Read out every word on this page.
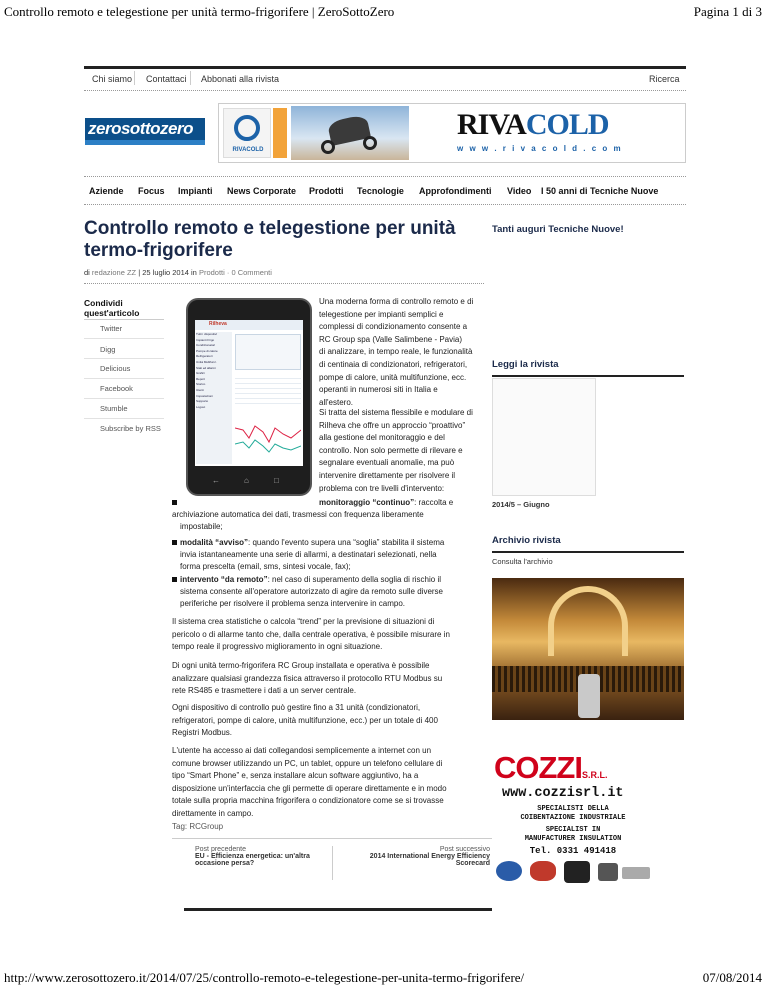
Controllo remoto e telegestione per unità termo-frigorifere | ZeroSottoZero	Pagina 1 di 3
Chi siamo Contattaci Abbonati alla rivista	Ricerca
zerosottozero
RIVACOLD
RIVACOLD
w w w . r i v a c o l d . c o m
Aziende Focus Impianti News Corporate Prodotti Tecnologie Approfondimenti Video I 50 anni di Tecniche Nuove
Controllo remoto e telegestione per unità
termo-frigorifere
di redazione ZZ | 25 luglio 2014 in Prodotti · 0 Commenti
Condividi
quest'articolo
Twitter
Digg
Delicious
Facebook
Stumble
Subscribe by RSS
Rilheva
Tutti i dispositivi
Impianti Frigo
Condizionatori
Pompe di calore
Refrigeratori
Unità Multifunz.
Stati ed allarmi
Grafici
Report
Storico
Utenti
Impostazioni
Supporto
Logout
←	⌂	□
Una moderna forma di controllo remoto e di
telegestione per impianti semplici e
complessi di condizionamento consente a
RC Group spa (Valle Salimbene - Pavia)
di analizzare, in tempo reale, le funzionalità
di centinaia di condizionatori, refrigeratori,
pompe di calore, unità multifunzione, ecc.
operanti in numerosi siti in Italia e
all'estero.
Si tratta del sistema flessibile e modulare di
Rilheva che offre un approccio “proattivo”
alla gestione del monitoraggio e del
controllo. Non solo permette di rilevare e
segnalare eventuali anomalie, ma può
intervenire direttamente per risolvere il
problema con tre livelli d'intervento:
monitoraggio “continuo”: raccolta e
archiviazione automatica dei dati, trasmessi con frequenza liberamente
impostabile;
modalità “avviso”: quando l'evento supera una “soglia” stabilita il sistema
invia istantaneamente una serie di allarmi, a destinatari selezionati, nella
forma prescelta (email, sms, sintesi vocale, fax);
intervento “da remoto”: nel caso di superamento della soglia di rischio il
sistema consente all'operatore autorizzato di agire da remoto sulle diverse
periferiche per risolvere il problema senza intervenire in campo.
Il sistema crea statistiche o calcola “trend” per la previsione di situazioni di
pericolo o di allarme tanto che, dalla centrale operativa, è possibile misurare in
tempo reale il progressivo miglioramento in ogni situazione.
Di ogni unità termo-frigorifera RC Group installata e operativa è possibile
analizzare qualsiasi grandezza fisica attraverso il protocollo RTU Modbus su
rete RS485 e trasmettere i dati a un server centrale.
Ogni dispositivo di controllo può gestire fino a 31 unità (condizionatori,
refrigeratori, pompe di calore, unità multifunzione, ecc.) per un totale di 400
Registri Modbus.
L'utente ha accesso ai dati collegandosi semplicemente a internet con un
comune browser utilizzando un PC, un tablet, oppure un telefono cellulare di
tipo “Smart Phone” e, senza installare alcun software aggiuntivo, ha a
disposizione un'interfaccia che gli permette di operare direttamente e in modo
totale sulla propria macchina frigorifera o condizionatore come se si trovasse
direttamente in campo.
Tag: RCGroup
Post precedente
EU - Efficienza energetica: un'altra
occasione persa?
Post successivo
2014 International Energy Efficiency
Scorecard
Tanti auguri Tecniche Nuove!
Leggi la rivista
2014/5 – Giugno
Archivio rivista
Consulta l'archivio
COZZIS.R.L.
www.cozzisrl.it
SPECIALISTI DELLA
COIBENTAZIONE INDUSTRIALE
SPECIALIST IN
MANUFACTURER INSULATION
Tel. 0331 491418
http://www.zerosottozero.it/2014/07/25/controllo-remoto-e-telegestione-per-unita-termo-frigorifere/	07/08/2014
